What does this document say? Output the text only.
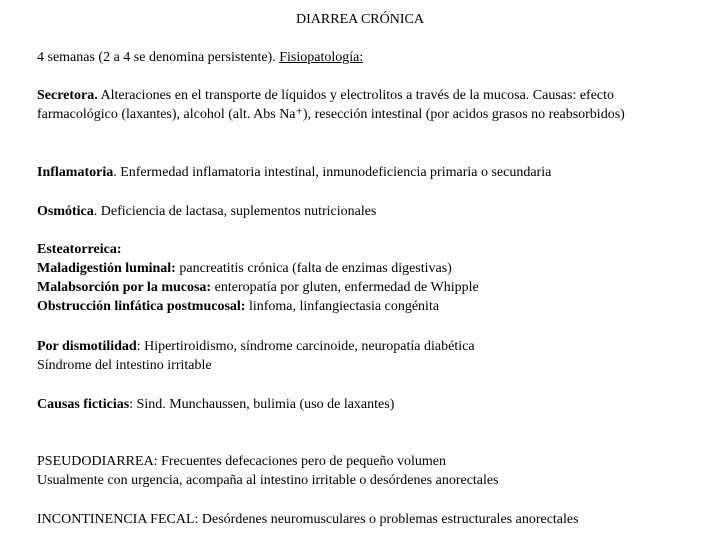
DIARREA CRÓNICA
4 semanas (2 a 4 se denomina persistente). Fisiopatología:
Secretora. Alteraciones en el transporte de líquidos y electrolitos a través de la mucosa. Causas: efecto farmacológico (laxantes), alcohol (alt. Abs Na⁺), resección intestinal (por acidos grasos no reabsorbidos)
Inflamatoria. Enfermedad inflamatoria intestinal, inmunodeficiencia primaria o secundaria
Osmótica. Deficiencia de lactasa, suplementos nutricionales
Esteatorreica:
Maladigestión luminal: pancreatitis crónica (falta de enzimas digestivas)
Malabsorción por la mucosa: enteropatía por gluten, enfermedad de Whipple
Obstrucción linfática postmucosal: linfoma, linfangiectasia congénita
Por dismotilidad: Hipertiroidismo, síndrome carcinoide, neuropatía diabética
Síndrome del intestino irritable
Causas ficticias: Sind. Munchaussen, bulimia (uso de laxantes)
PSEUDODIARREA: Frecuentes defecaciones pero de pequeño volumen
Usualmente con urgencia, acompaña al intestino irritable o desórdenes anorectales
INCONTINENCIA FECAL: Desórdenes neuromusculares o problemas estructurales anorectales
